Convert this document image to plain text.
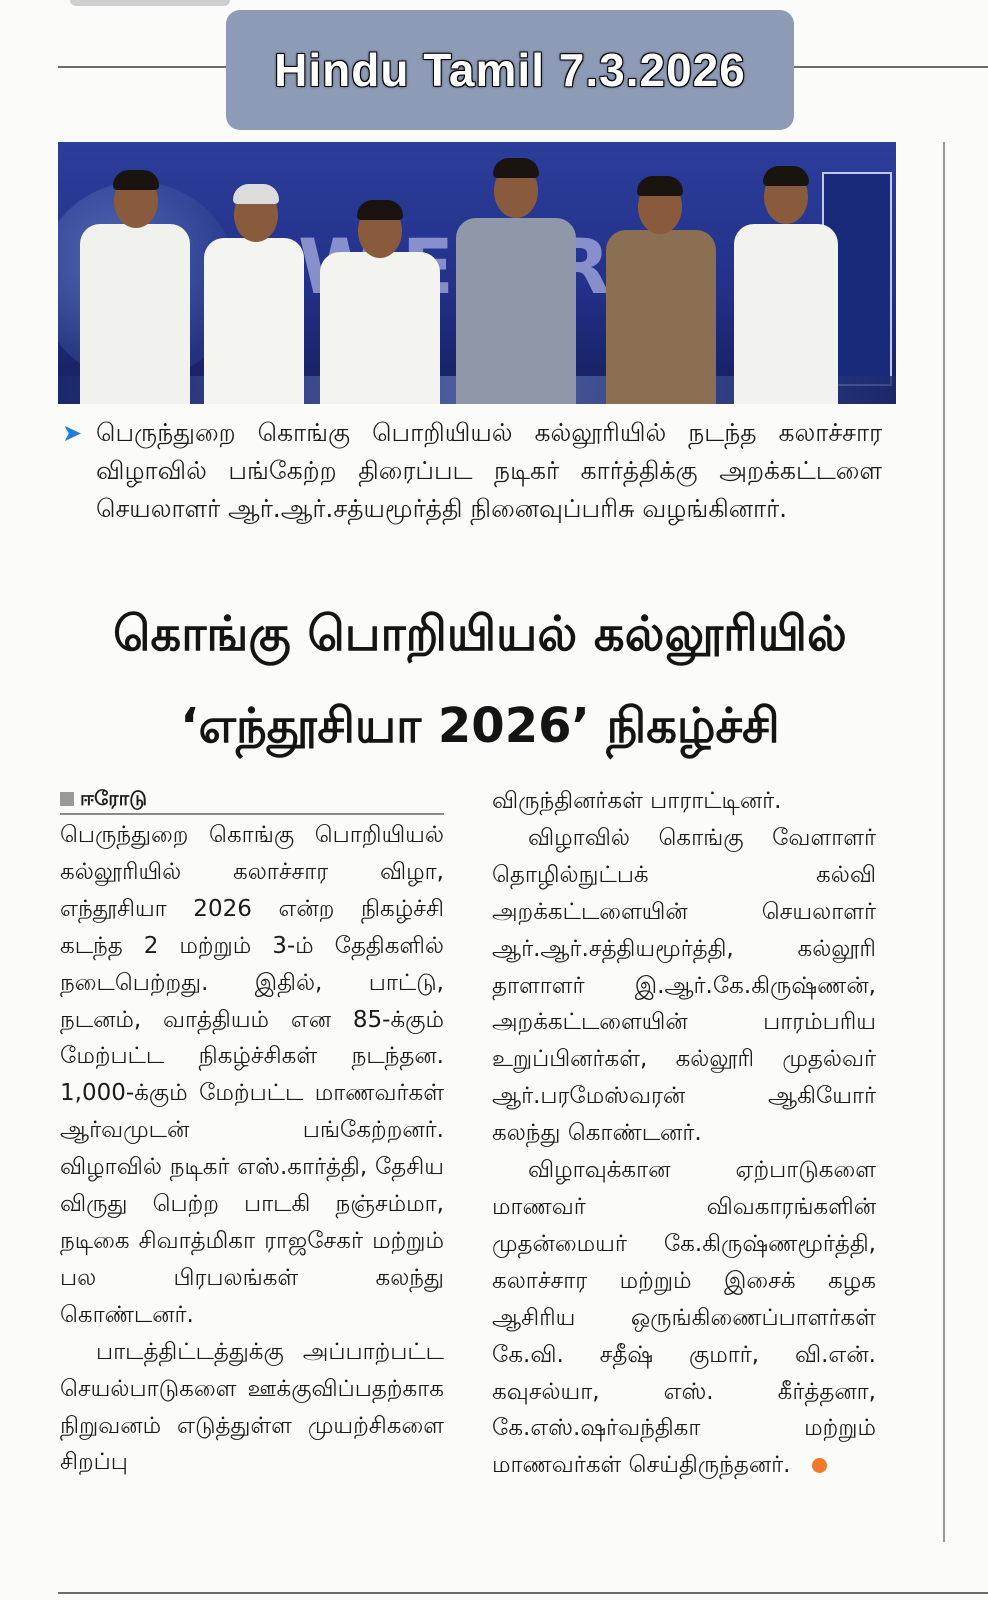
Hindu Tamil 7.3.2026
➤ பெருந்துறை கொங்கு பொறியியல் கல்லூரியில் நடந்த கலாச்சார விழாவில் பங்கேற்ற திரைப்பட நடிகர் கார்த்திக்கு அறக்கட்டளை செயலாளர் ஆர்.ஆர்.சத்யமூர்த்தி நினைவுப்பரிசு வழங்கினார்.
கொங்கு பொறியியல் கல்லூரியில்
‘எந்தூசியா 2026’ நிகழ்ச்சி
ஈரோடு

பெருந்துறை கொங்கு பொறியியல் கல்லூரியில் கலாச்சார விழா, எந்தூசியா 2026 என்ற நிகழ்ச்சி கடந்த 2 மற்றும் 3-ம் தேதிகளில் நடைபெற்றது. இதில், பாட்டு, நடனம், வாத்தியம் என 85-க்கும் மேற்பட்ட நிகழ்ச்சிகள் நடந்தன. 1,000-க்கும் மேற்பட்ட மாணவர்கள் ஆர்வமுடன் பங்கேற்றனர். விழாவில் நடிகர் எஸ்.கார்த்தி, தேசிய விருது பெற்ற பாடகி நஞ்சம்மா, நடிகை சிவாத்மிகா ராஜசேகர் மற்றும் பல பிரபலங்கள் கலந்து கொண்டனர்.

பாடத்திட்டத்துக்கு அப்பாற்பட்ட செயல்பாடுகளை ஊக்குவிப்பதற்காக நிறுவனம் எடுத்துள்ள முயற்சிகளை சிறப்பு

விருந்தினர்கள் பாராட்டினர்.

விழாவில் கொங்கு வேளாளர் தொழில்நுட்பக் கல்வி அறக்கட்டளையின் செயலாளர் ஆர்.ஆர்.சத்தியமூர்த்தி, கல்லூரி தாளாளர் இ.ஆர்.கே.கிருஷ்ணன், அறக்கட்டளையின் பாரம்பரிய உறுப்பினர்கள், கல்லூரி முதல்வர் ஆர்.பரமேஸ்வரன் ஆகியோர் கலந்து கொண்டனர்.

விழாவுக்கான ஏற்பாடுகளை மாணவர் விவகாரங்களின் முதன்மையர் கே.கிருஷ்ணமூர்த்தி, கலாச்சார மற்றும் இசைக் கழக ஆசிரிய ஒருங்கிணைப்பாளர்கள் கே.வி. சதீஷ் குமார், வி.என். கவுசல்யா, எஸ். கீர்த்தனா, கே.எஸ்.ஷர்வந்திகா மற்றும் மாணவர்கள் செய்திருந்தனர்.
